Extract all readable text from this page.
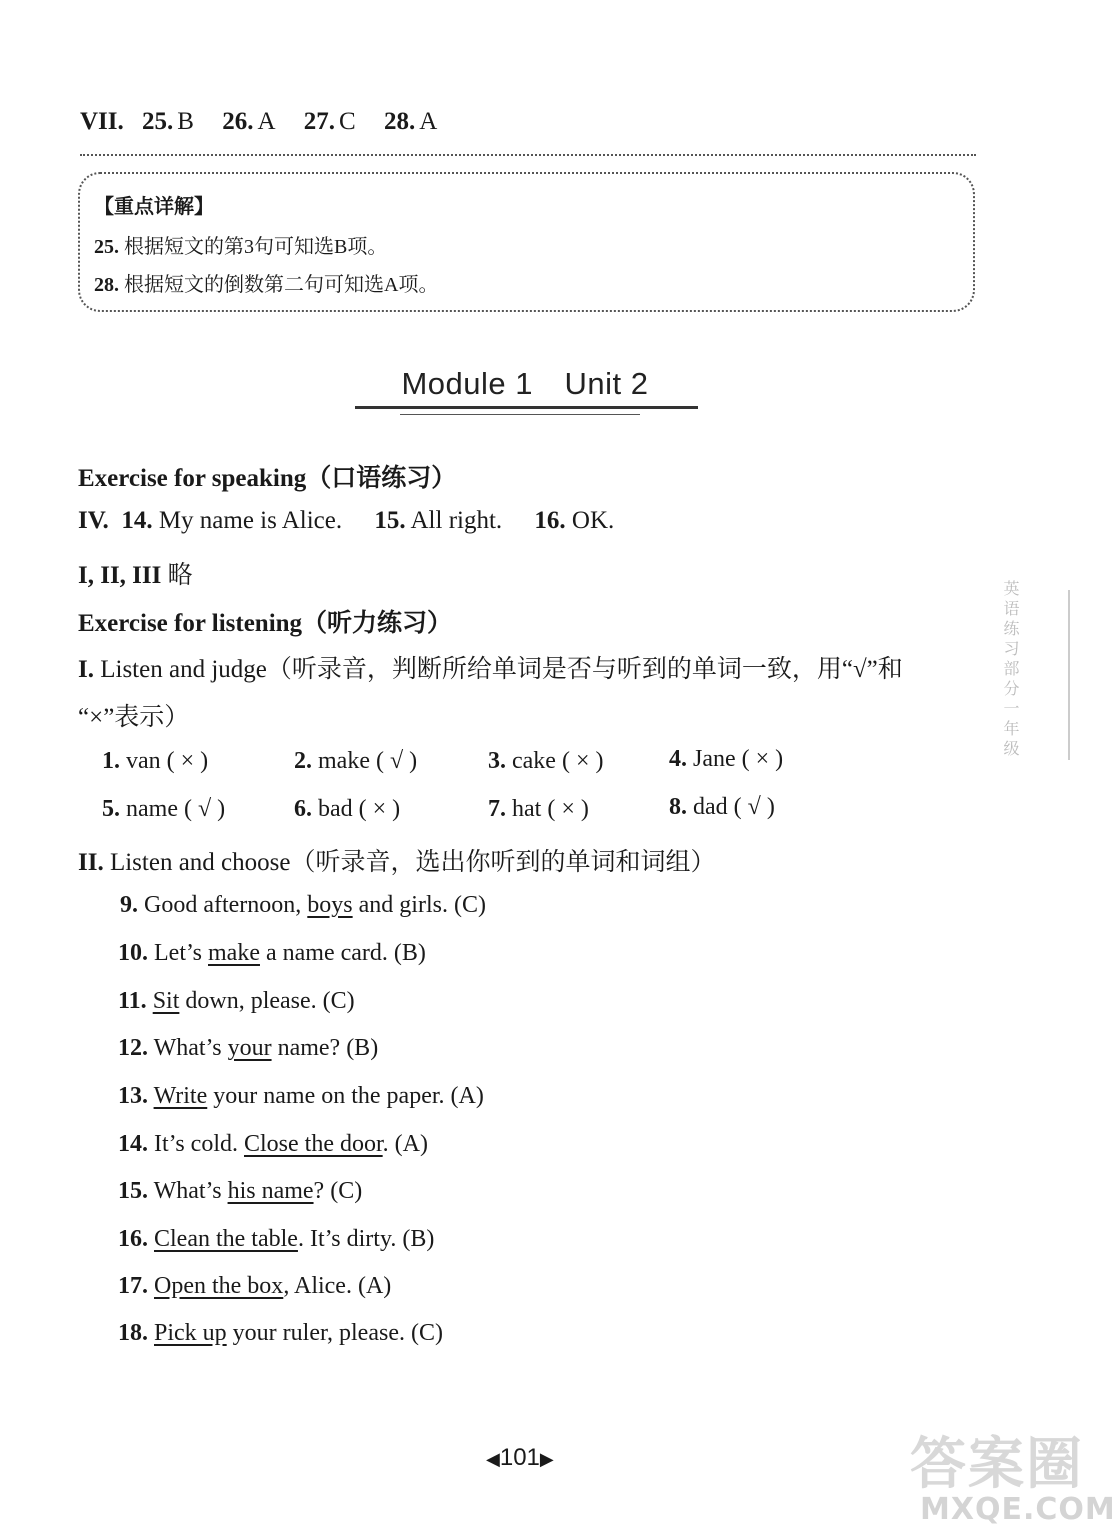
VII. 25. B 26. A 27. C 28. A
【重点详解】
25. 根据短文的第3句可知选B项。
28. 根据短文的倒数第二句可知选A项。
Module 1　Unit 2
Exercise for speaking（口语练习）
IV. 14. My name is Alice. 15. All right. 16. OK.
I, II, III 略
Exercise for listening（听力练习）
I. Listen and judge（听录音，判断所给单词是否与听到的单词一致，用“√”和
“×”表示）
1. van ( × )	2. make ( √ )	3. cake ( × )	4. Jane ( × )
5. name ( √ )	6. bad ( × )	7. hat ( × )	8. dad ( √ )
II. Listen and choose（听录音，选出你听到的单词和词组）
9. Good afternoon, boys and girls. (C)
10. Let’s make a name card. (B)
11. Sit down, please. (C)
12. What’s your name? (B)
13. Write your name on the paper. (A)
14. It’s cold. Close the door. (A)
15. What’s his name? (C)
16. Clean the table. It’s dirty. (B)
17. Open the box, Alice. (A)
18. Pick up your ruler, please. (C)
◀101▶
英语练习部分一年级
答案圈
MXQE.COM
